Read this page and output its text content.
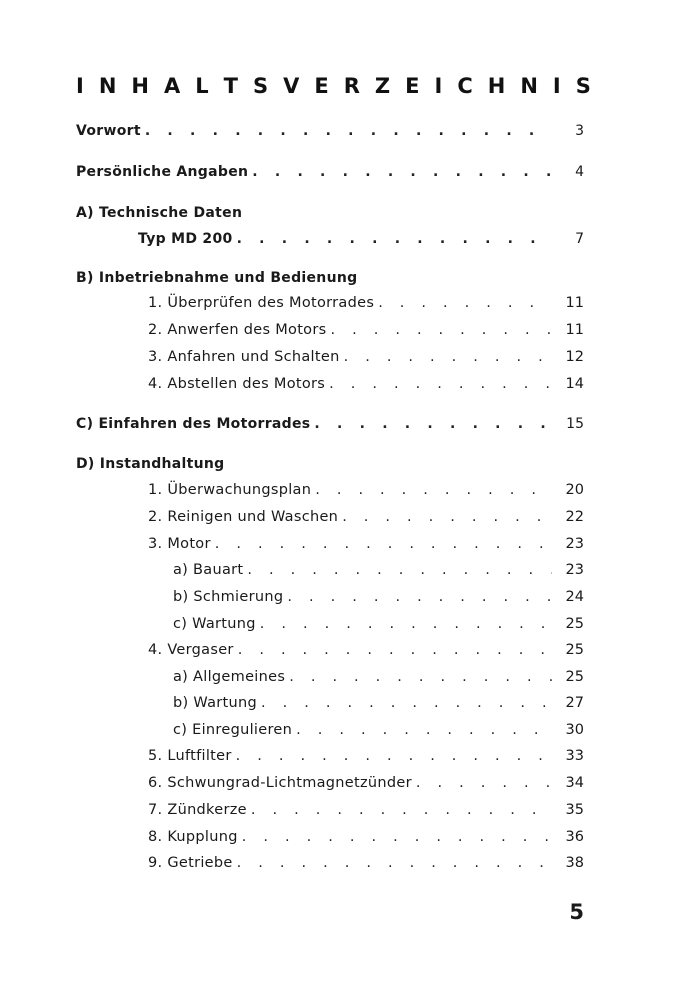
I N H A L T S V E R Z E I C H N I S
Vorwort . . .	3
Persönliche Angaben . . .	4
A) Technische Daten
Typ MD 200 . . .	7
B) Inbetriebnahme und Bedienung
1. Überprüfen des Motorrades . . .	11
2. Anwerfen des Motors . . .	11
3. Anfahren und Schalten . . .	12
4. Abstellen des Motors . . .	14
C) Einfahren des Motorrades . . .	15
D) Instandhaltung
1. Überwachungsplan . . .	20
2. Reinigen und Waschen . . .	22
3. Motor . . .	23
a) Bauart . . .	23
b) Schmierung . . .	24
c) Wartung . . .	25
4. Vergaser . . .	25
a) Allgemeines . . .	25
b) Wartung . . .	27
c) Einregulieren . . .	30
5. Luftfilter . . .	33
6. Schwungrad-Lichtmagnetzünder . . .	34
7. Zündkerze . . .	35
8. Kupplung . . .	36
9. Getriebe . . .	38
5
